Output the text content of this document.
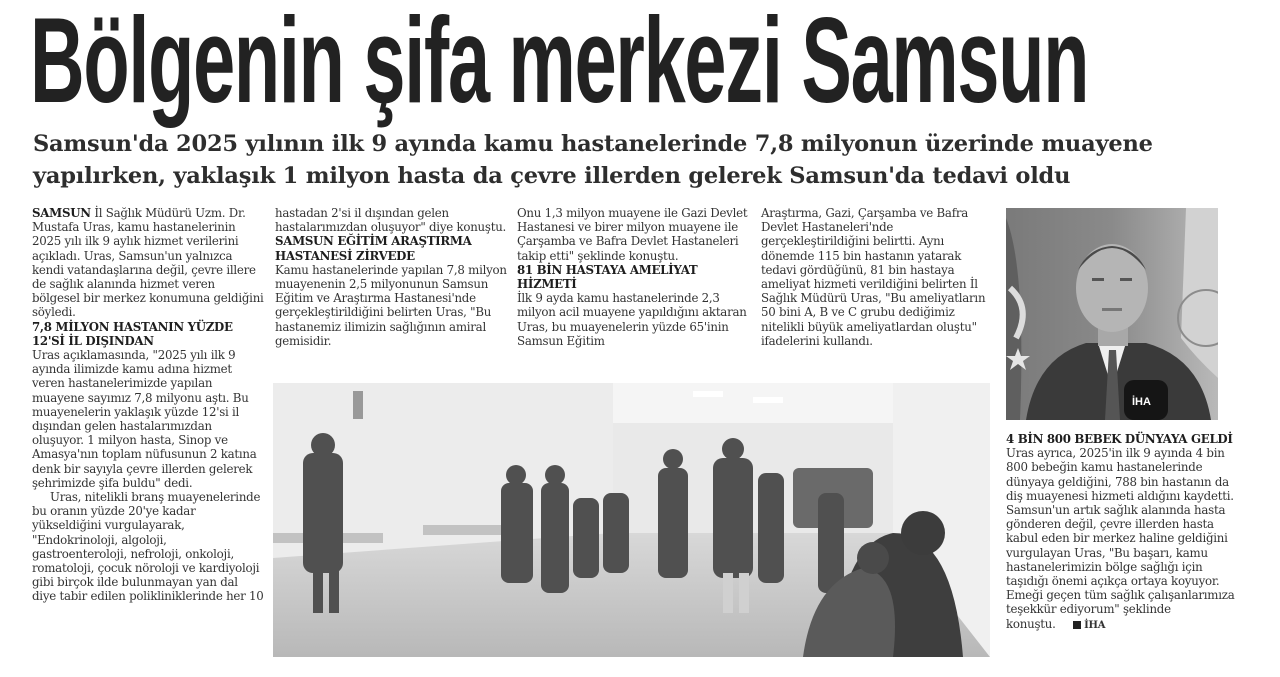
Bölgenin şifa merkezi Samsun
Samsun'da 2025 yılının ilk 9 ayında kamu hastanelerinde 7,8 milyonun üzerinde muayene yapılırken, yaklaşık 1 milyon hasta da çevre illerden gelerek Samsun'da tedavi oldu

SAMSUN İl Sağlık Müdürü Uzm. Dr. Mustafa Uras, kamu hastanelerinin 2025 yılı ilk 9 aylık hizmet verilerini açıkladı. Uras, Samsun'un yalnızca kendi vatandaşlarına değil, çevre illere de sağlık alanında hizmet veren bölgesel bir merkez konumuna geldiğini söyledi.

7,8 MİLYON HASTANIN YÜZDE 12'Sİ İL DIŞINDAN

Uras açıklamasında, "2025 yılı ilk 9 ayında ilimizde kamu adına hizmet veren hastanelerimizde yapılan muayene sayımız 7,8 milyonu aştı. Bu muayenelerin yaklaşık yüzde 12'si il dışından gelen hastalarımızdan oluşuyor. 1 milyon hasta, Sinop ve Amasya'nın toplam nüfusunun 2 katına denk bir sayıyla çevre illerden gelerek şehrimizde şifa buldu" dedi.

Uras, nitelikli branş muayenelerinde bu oranın yüzde 20'ye kadar yükseldiğini vurgulayarak, "Endokrinoloji, algoloji, gastroenteroloji, nefroloji, onkoloji, romatoloji, çocuk nöroloji ve kardiyoloji gibi birçok ilde bulunmayan yan dal diye tabir edilen polikliniklerinde her 10

hastadan 2'si il dışından gelen hastalarımızdan oluşuyor" diye konuştu.

SAMSUN EĞİTİM ARAŞTIRMA HASTANESİ ZİRVEDE

Kamu hastanelerinde yapılan 7,8 milyon muayenenin 2,5 milyonunun Samsun Eğitim ve Araştırma Hastanesi'nde gerçekleştirildiğini belirten Uras, "Bu hastanemiz ilimizin sağlığının amiral gemisidir.

Onu 1,3 milyon muayene ile Gazi Devlet Hastanesi ve birer milyon muayene ile Çarşamba ve Bafra Devlet Hastaneleri takip etti" şeklinde konuştu.

81 BİN HASTAYA AMELİYAT HİZMETİ

İlk 9 ayda kamu hastanelerinde 2,3 milyon acil muayene yapıldığını aktaran Uras, bu muayenelerin yüzde 65'inin Samsun Eğitim

Araştırma, Gazi, Çarşamba ve Bafra Devlet Hastaneleri'nde gerçekleştirildiğini belirtti. Aynı dönemde 115 bin hastanın yatarak tedavi gördüğünü, 81 bin hastaya ameliyat hizmeti verildiğini belirten İl Sağlık Müdürü Uras, "Bu ameliyatların 50 bini A, B ve C grubu dediğimiz nitelikli büyük ameliyatlardan oluştu" ifadelerini kullandı.

4 BİN 800 BEBEK DÜNYAYA GELDİ

Uras ayrıca, 2025'in ilk 9 ayında 4 bin 800 bebeğin kamu hastanelerinde dünyaya geldiğini, 788 bin hastanın da diş muayenesi hizmeti aldığını kaydetti. Samsun'un artık sağlık alanında hasta gönderen değil, çevre illerden hasta kabul eden bir merkez haline geldiğini vurgulayan Uras, "Bu başarı, kamu hastanelerimizin bölge sağlığı için taşıdığı önemi açıkça ortaya koyuyor. Emeği geçen tüm sağlık çalışanlarımıza teşekkür ediyorum" şeklinde konuştu.	İHA

İHA
